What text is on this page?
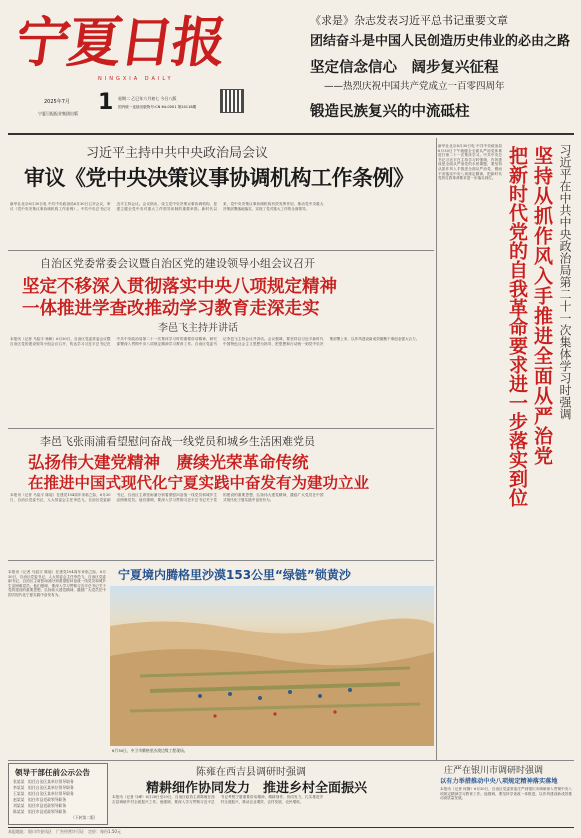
宁夏日报
NINGXIA DAILY
2025年7月 1 星期二 乙巳年六月初七 今日八版
国内统一连续出版物号:CN 64-0001 第24118期
宁夏日报报业集团出版
《求是》杂志发表习近平总书记重要文章
团结奋斗是中国人民创造历史伟业的必由之路
坚定信念信心　阔步复兴征程
——热烈庆祝中国共产党成立一百零四周年
锻造民族复兴的中流砥柱
习近平主持中共中央政治局会议
审议《党中央决策议事协调机构工作条例》
新华社北京6月30日电 中共中央政治局6月30日召开会议，审议《党中央决策议事协调机构工作条例》。中共中央总书记习近平主持会议。会议指出，设立党中央决策议事协调机构，是建立健全党中央对重大工作领导体制的重要举措。新时代以来，党中央决策议事协调机构有效发挥作用，推动党中央重大决策部署落地落实，实现了党对重大工作的全面领导。
自治区党委常委会议暨自治区党的建设领导小组会议召开
坚定不移深入贯彻落实中央八项规定精神
一体推进学查改推动学习教育走深走实
李邑飞主持并讲话
本报讯（记者 马骁宇 杨帆）6月30日，自治区党委常委会议暨自治区党的建设领导小组会议召开，传达学习习近平总书记在中共中央政治局第二十一次集体学习时的重要讲话精神，研究部署深入贯彻中央八项规定精神学习教育工作。自治区党委书记李邑飞主持会议并讲话。会议强调，要坚持以习近平新时代中国特色社会主义思想为指导，把思想和行动统一到党中央决策部署上来，以作风建设新成效凝聚干事创业强大合力。
李邑飞张雨浦看望慰问奋战一线党员和城乡生活困难党员
弘扬伟大建党精神　赓续光荣革命传统
在推进中国式现代化宁夏实践中奋发有为建功立业
本报讯（记者 马骁宇 陈瑶）在建党104周年来临之际，6月30日，自治区党委书记、人大常委会主任李邑飞，自治区党委副书记、自治区主席张雨浦分别看望慰问奋战一线党员和城乡生活困难党员。他们强调，要深入学习贯彻习近平总书记关于党的建设的重要思想，弘扬伟大建党精神，激励广大党员在中国式现代化宁夏实践中奋发有为。
宁夏境内腾格里沙漠153公里“绿链”锁黄沙
6月30日，中卫市腾格里沙漠边缘工程现场。
本报讯（记者 马骁宇 陈瑶）在建党104周年来临之际，6月30日，自治区党委书记、人大常委会主任李邑飞，自治区党委副书记、自治区主席张雨浦分别看望慰问奋战一线党员和城乡生活困难党员。他们强调，要深入学习贯彻习近平总书记关于党的建设的重要思想，弘扬伟大建党精神，激励广大党员在中国式现代化宁夏实践中奋发有为。
习近平在中共中央政治局第二十一次集体学习时强调
坚持从抓作风入手推进全面从严治党
把新时代党的自我革命要求进一步落实到位
新华社北京6月30日电 中共中央政治局6月30日下午就健全全面从严治党体系进行第二十一次集体学习。中共中央总书记习近平在主持学习时强调，作风建设是全面从严治党的永恒课题，要坚持从抓作风入手推进全面从严治党，锲而不舍落实中央八项规定精神，把新时代党的自我革命要求进一步落实到位。
领导干部任前公示公告
张某某　拟任自治区某单位领导职务
李某某　拟任自治区某单位领导职务
王某某　拟任自治区某单位领导职务
赵某某　拟任市县党政领导职务
刘某某　拟任市县党政领导职务
陈某某　拟任市县党政领导职务
（下转第二版）
陈雍在西吉县调研时强调
精耕细作协同发力　推进乡村全面振兴
本报讯（记者 马峰）6月28日至29日，自治区政协主席陈雍在西吉县调研乡村全面振兴工作。他强调，要深入学习贯彻习近平总书记考察宁夏重要讲话精神，精耕细作、协同发力，扎实推进乡村全面振兴，推动农业增效、农村发展、农民增收。
庄严在银川市调研时强调
以有力举措推动中央八项规定精神落实落地
本报讯（记者 何静）6月30日，自治区党委常委庄严到银川市调研深入贯彻中央八项规定精神学习教育工作。他强调，要坚持学查改一体推进，以作风建设新成效推动高质量发展。
本报地址：银川市金凤区　广告经营许可证　定价：每份1.50元
